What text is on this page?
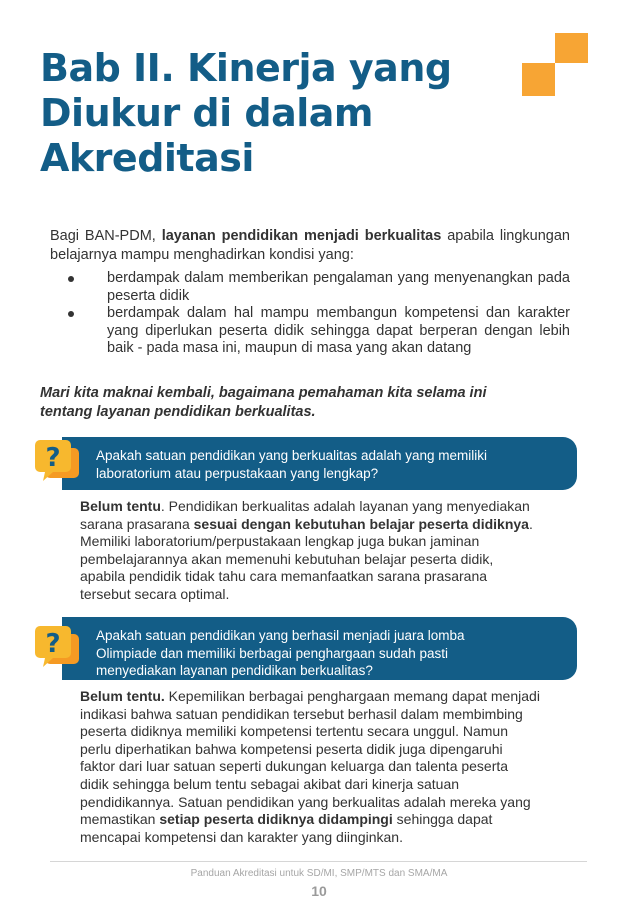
Bab II. Kinerja yang
Diukur di dalam
Akreditasi

Bagi BAN-PDM, layanan pendidikan menjadi berkualitas apabila lingkungan belajarnya mampu menghadirkan kondisi yang:

berdampak dalam memberikan pengalaman yang menyenangkan pada peserta didik
berdampak dalam hal mampu membangun kompetensi dan karakter yang diperlukan peserta didik sehingga dapat berperan dengan lebih baik - pada masa ini, maupun di masa yang akan datang

Mari kita maknai kembali, bagaimana pemahaman kita selama ini
tentang layanan pendidikan berkualitas.

Apakah satuan pendidikan yang berkualitas adalah yang memiliki
laboratorium atau perpustakaan yang lengkap?
?
Belum tentu. Pendidikan berkualitas adalah layanan yang menyediakan
sarana prasarana sesuai dengan kebutuhan belajar peserta didiknya.
Memiliki laboratorium/perpustakaan lengkap juga bukan jaminan
pembelajarannya akan memenuhi kebutuhan belajar peserta didik,
apabila pendidik tidak tahu cara memanfaatkan sarana prasarana
tersebut secara optimal.
Apakah satuan pendidikan yang berhasil menjadi juara lomba
Olimpiade dan memiliki berbagai penghargaan sudah pasti
menyediakan layanan pendidikan berkualitas?
?
Belum tentu. Kepemilikan berbagai penghargaan memang dapat menjadi
indikasi bahwa satuan pendidikan tersebut berhasil dalam membimbing
peserta didiknya memiliki kompetensi tertentu secara unggul. Namun
perlu diperhatikan bahwa kompetensi peserta didik juga dipengaruhi
faktor dari luar satuan seperti dukungan keluarga dan talenta peserta
didik sehingga belum tentu sebagai akibat dari kinerja satuan
pendidikannya. Satuan pendidikan yang berkualitas adalah mereka yang
memastikan setiap peserta didiknya didampingi sehingga dapat
mencapai kompetensi dan karakter yang diinginkan.
Panduan Akreditasi untuk SD/MI, SMP/MTS dan SMA/MA
10
